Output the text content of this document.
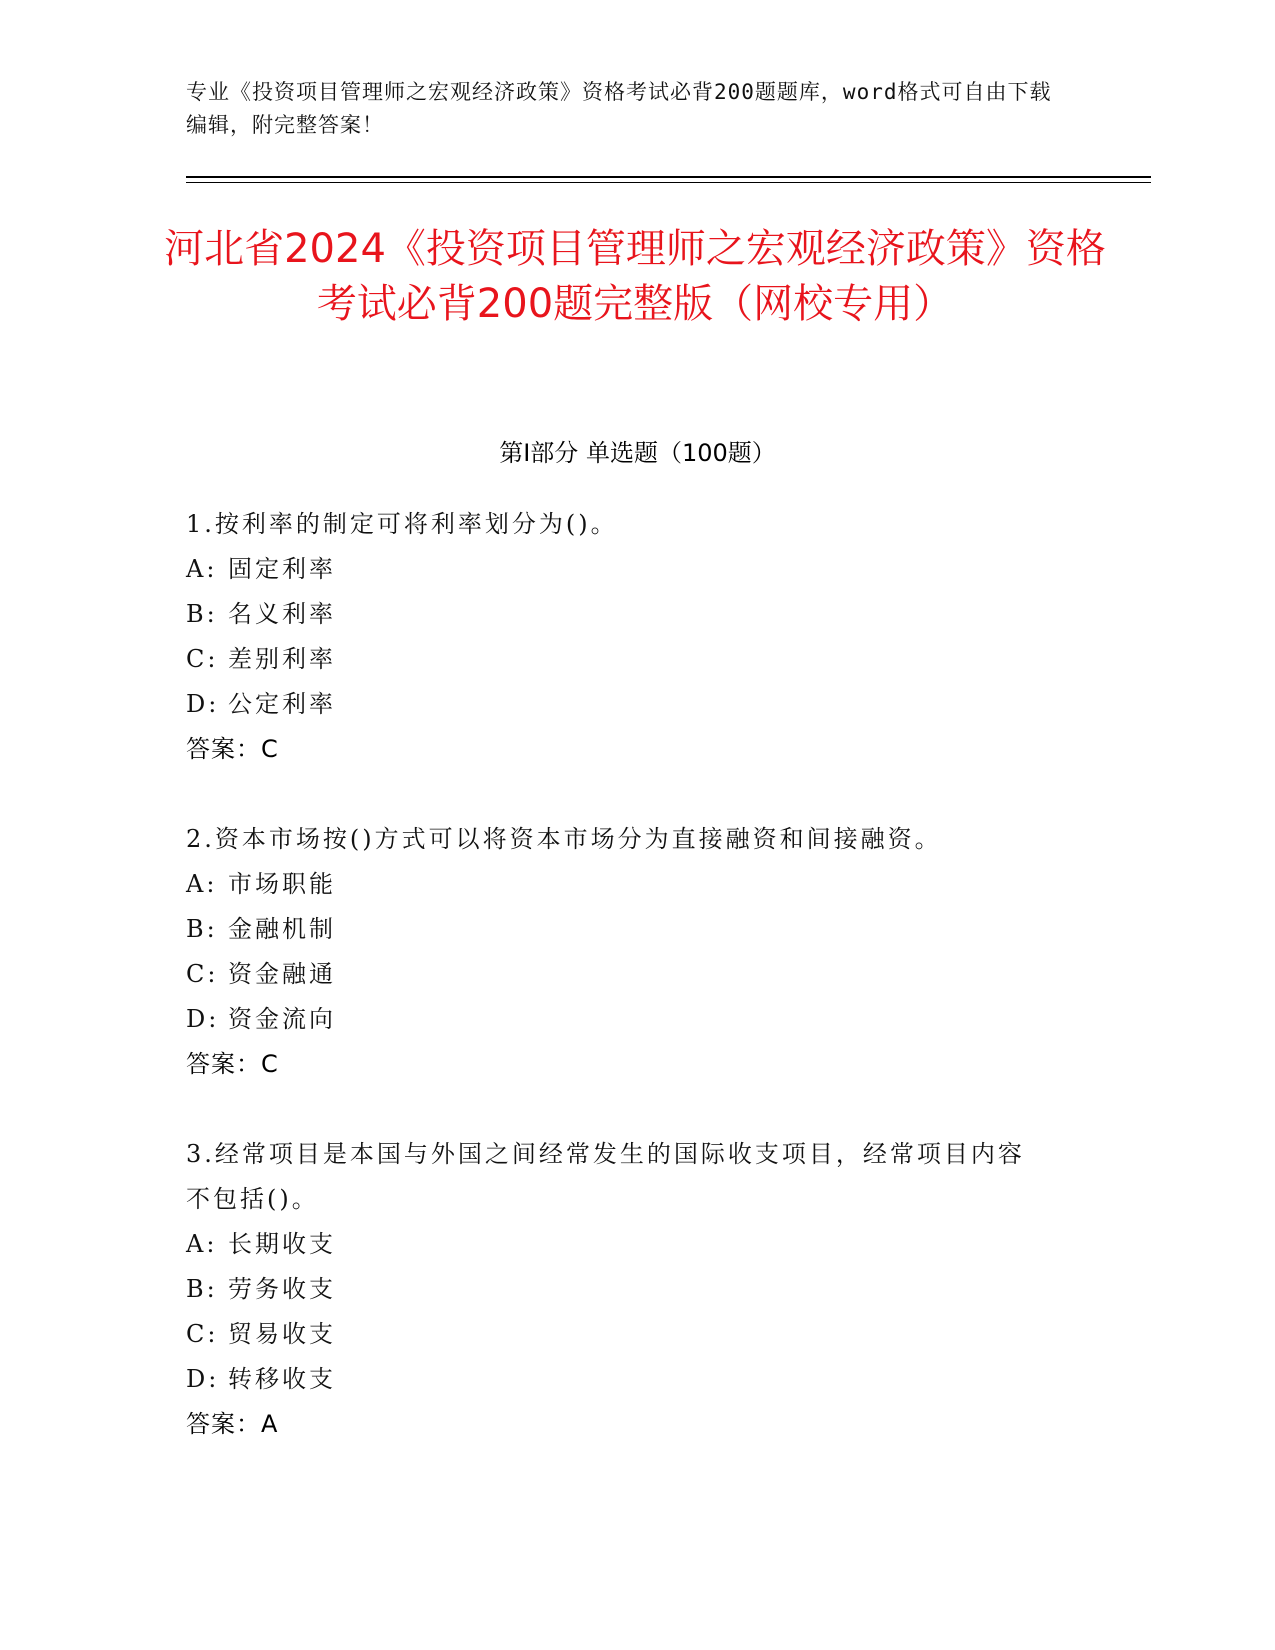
专业《投资项目管理师之宏观经济政策》资格考试必背200题题库，word格式可自由下载编辑，附完整答案！
河北省2024《投资项目管理师之宏观经济政策》资格考试必背200题完整版（网校专用）
第Ⅰ部分 单选题（100题）
1.按利率的制定可将利率划分为()。
A: 固定利率
B: 名义利率
C: 差别利率
D: 公定利率
答案：C
2.资本市场按()方式可以将资本市场分为直接融资和间接融资。
A: 市场职能
B: 金融机制
C: 资金融通
D: 资金流向
答案：C
3.经常项目是本国与外国之间经常发生的国际收支项目，经常项目内容不包括()。
A: 长期收支
B: 劳务收支
C: 贸易收支
D: 转移收支
答案：A
